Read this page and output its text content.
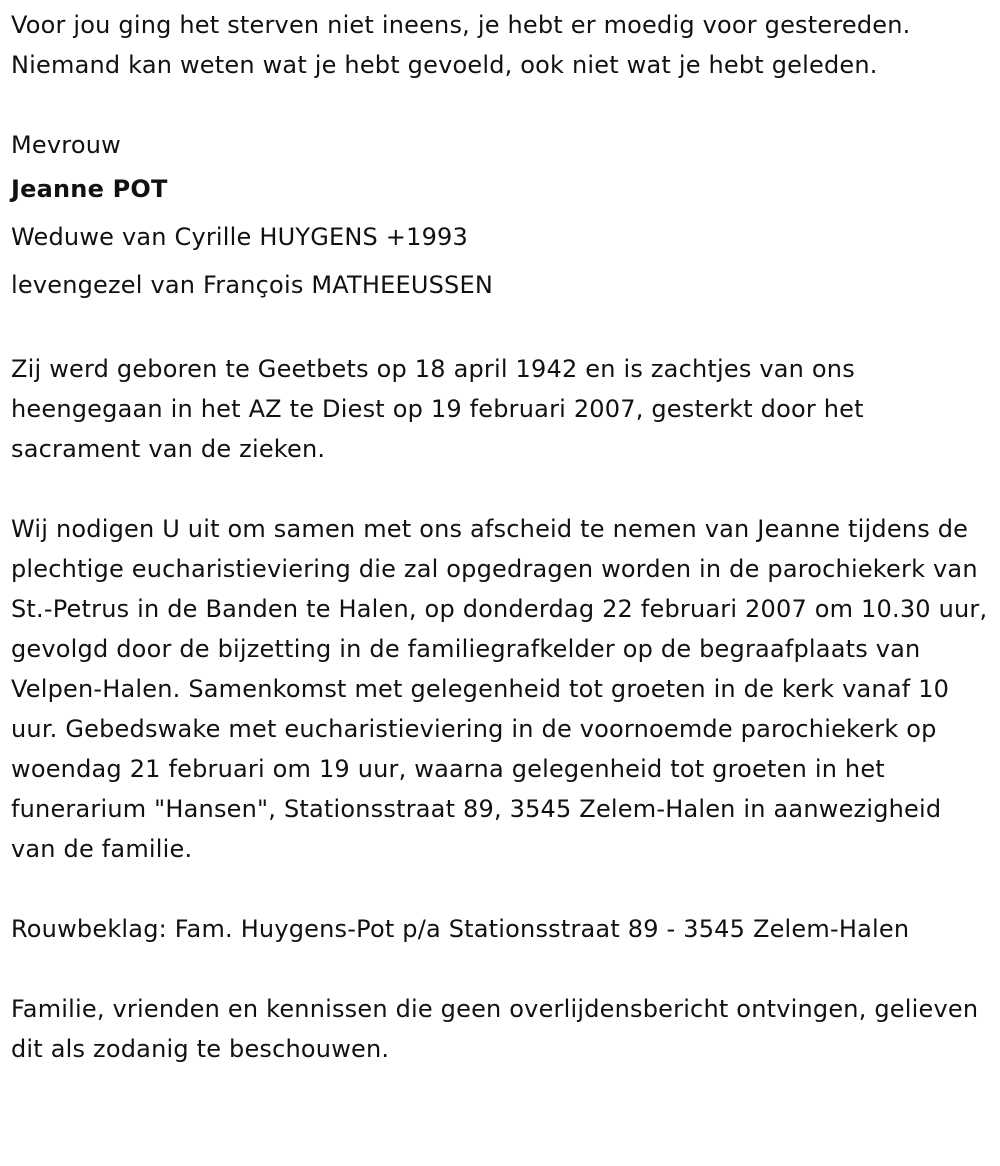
Voor jou ging het sterven niet ineens, je hebt er moedig voor gestereden. Niemand kan weten wat je hebt gevoeld, ook niet wat je hebt geleden.

Mevrouw
Jeanne POT
Weduwe van Cyrille HUYGENS +1993
levengezel van François MATHEEUSSEN

Zij werd geboren te Geetbets op 18 april 1942 en is zachtjes van ons heengegaan in het AZ te Diest op 19 februari 2007, gesterkt door het sacrament van de zieken.

Wij nodigen U uit om samen met ons afscheid te nemen van Jeanne tijdens de plechtige eucharistieviering die zal opgedragen worden in de parochiekerk van St.-Petrus in de Banden te Halen, op donderdag 22 februari 2007 om 10.30 uur, gevolgd door de bijzetting in de familiegrafkelder op de begraafplaats van Velpen-Halen. Samenkomst met gelegenheid tot groeten in de kerk vanaf 10 uur. Gebedswake met eucharistieviering in de voornoemde parochiekerk op woendag 21 februari om 19 uur, waarna gelegenheid tot groeten in het funerarium "Hansen", Stationsstraat 89, 3545 Zelem-Halen in aanwezigheid van de familie.

Rouwbeklag: Fam. Huygens-Pot p/a Stationsstraat 89 - 3545 Zelem-Halen

Familie, vrienden en kennissen die geen overlijdensbericht ontvingen, gelieven dit als zodanig te beschouwen.
